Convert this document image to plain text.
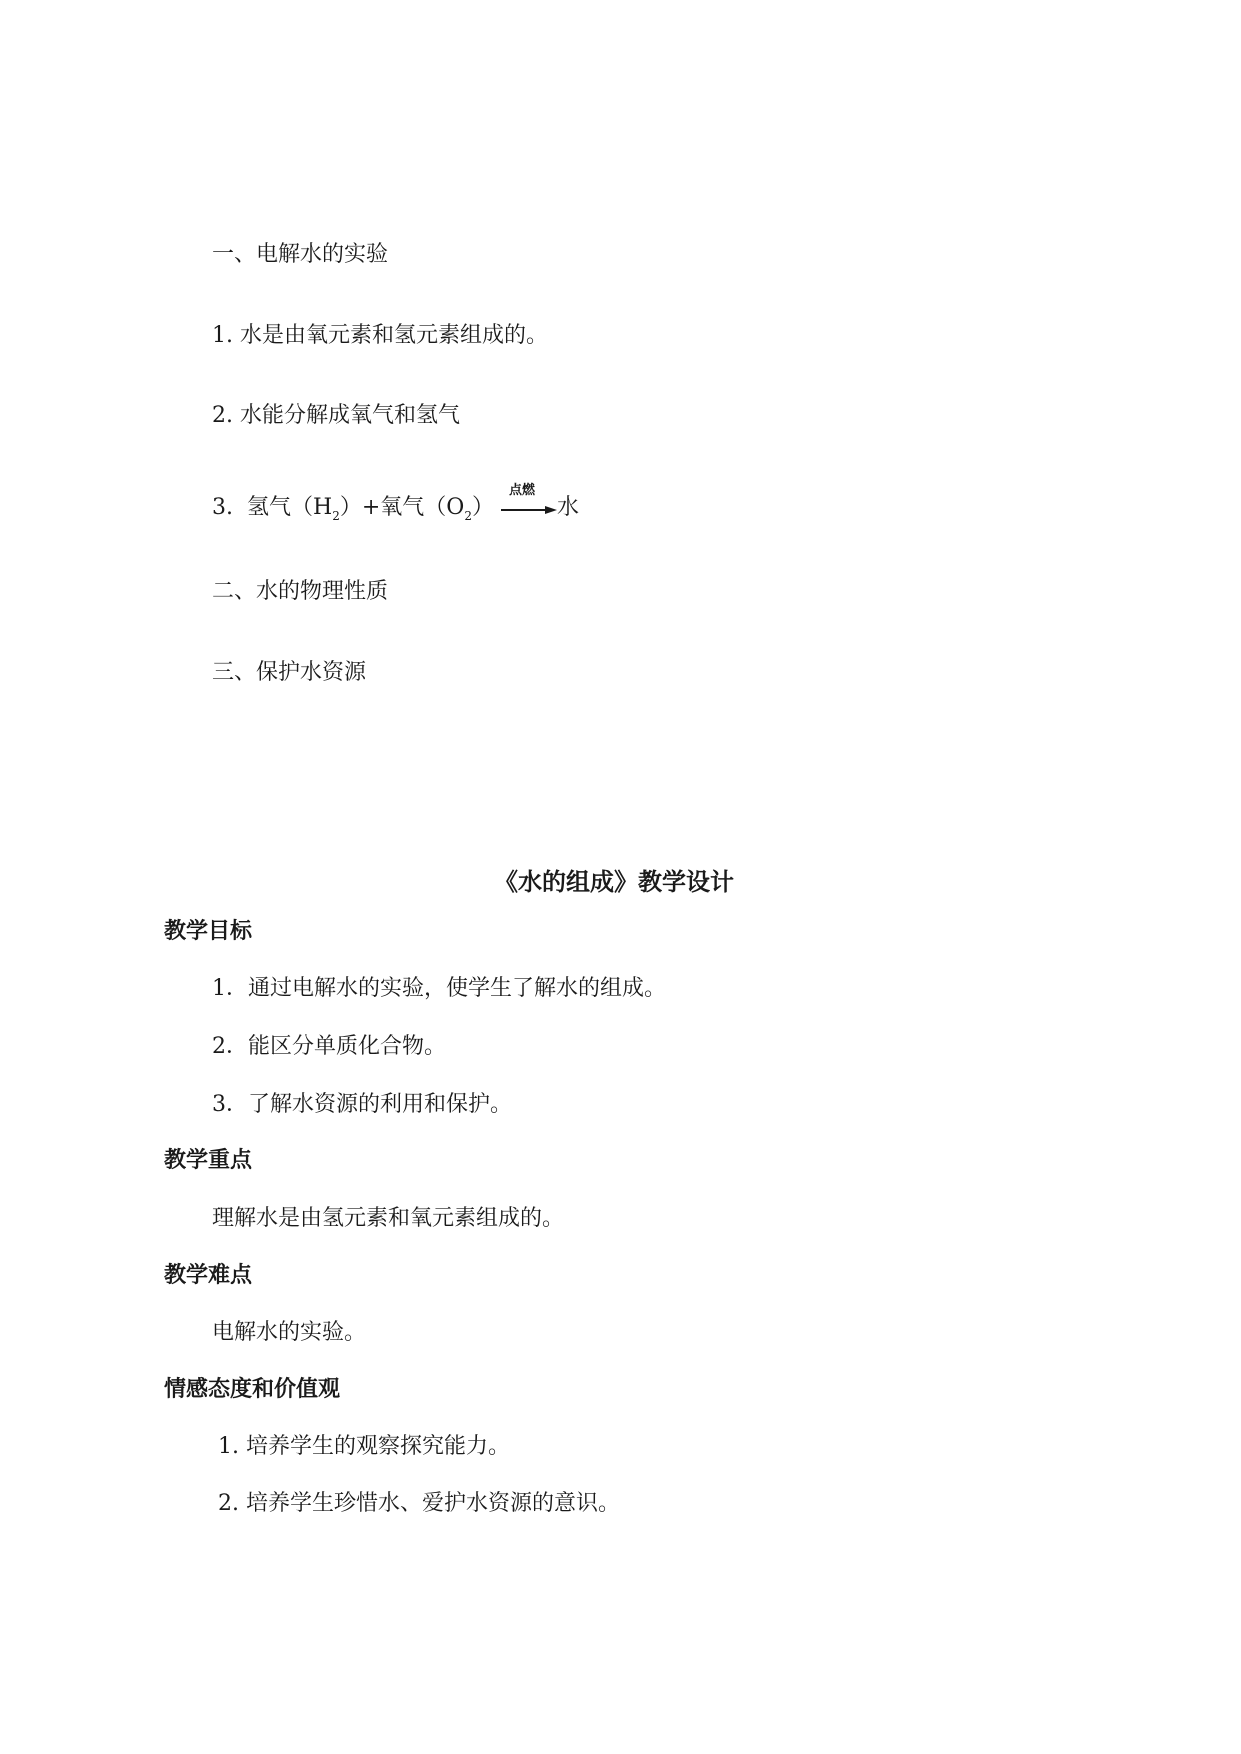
一、电解水的实验
1. 水是由氧元素和氢元素组成的。
2. 水能分解成氧气和氢气
3. 氢气$(H_2)+$氧气$(O_2)$
点燃
水
二、水的物理性质
三、保护水资源
《水的组成》教学设计
教学目标
1．通过电解水的实验，使学生了解水的组成。
2．能区分单质化合物。
3．了解水资源的利用和保护。
教学重点
理解水是由氢元素和氧元素组成的。
教学难点
电解水的实验。
情感态度和价值观
1. 培养学生的观察探究能力。
2. 培养学生珍惜水、爱护水资源的意识。
